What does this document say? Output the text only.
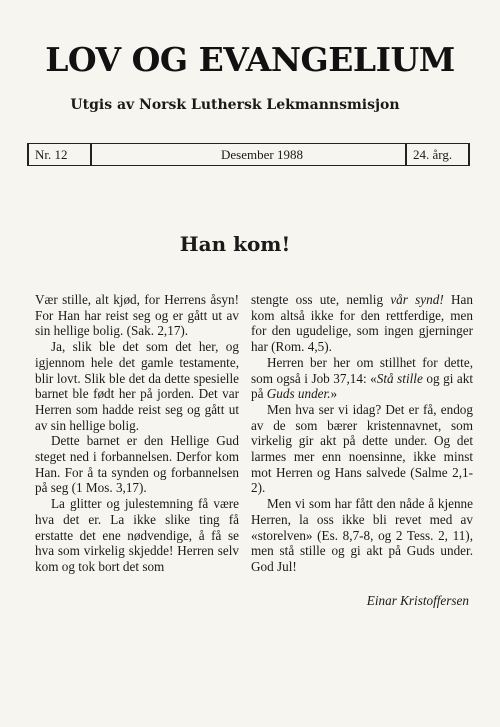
LOV OG EVANGELIUM
Utgis av Norsk Luthersk Lekmannsmisjon
Nr. 12	Desember 1988	24. årg.
Han kom!

Vær stille, alt kjød, for Herrens åsyn! For Han har reist seg og er gått ut av sin hellige bolig. (Sak. 2,17).

Ja, slik ble det som det her, og igjennom hele det gamle testamente, blir lovt. Slik ble det da dette spesielle barnet ble født her på jorden. Det var Herren som hadde reist seg og gått ut av sin hellige bolig.

Dette barnet er den Hellige Gud steget ned i forbannelsen. Derfor kom Han. For å ta synden og forbannelsen på seg (1 Mos. 3,17).

La glitter og julestemning få være hva det er. La ikke slike ting få erstatte det ene nødvendige, å få se hva som virkelig skjedde! Herren selv kom og tok bort det som

stengte oss ute, nemlig vår synd! Han kom altså ikke for den rettferdige, men for den ugudelige, som ingen gjerninger har (Rom. 4,5).

Herren ber her om stillhet for dette, som også i Job 37,14: «Stå stille og gi akt på Guds under.»

Men hva ser vi idag? Det er få, endog av de som bærer kristennavnet, som virkelig gir akt på dette under. Og det larmes mer enn noensinne, ikke minst mot Herren og Hans salvede (Salme 2,1-2).

Men vi som har fått den nåde å kjenne Herren, la oss ikke bli revet med av «storelven» (Es. 8,7-8, og 2 Tess. 2, 11), men stå stille og gi akt på Guds under. God Jul!

Einar Kristoffersen
